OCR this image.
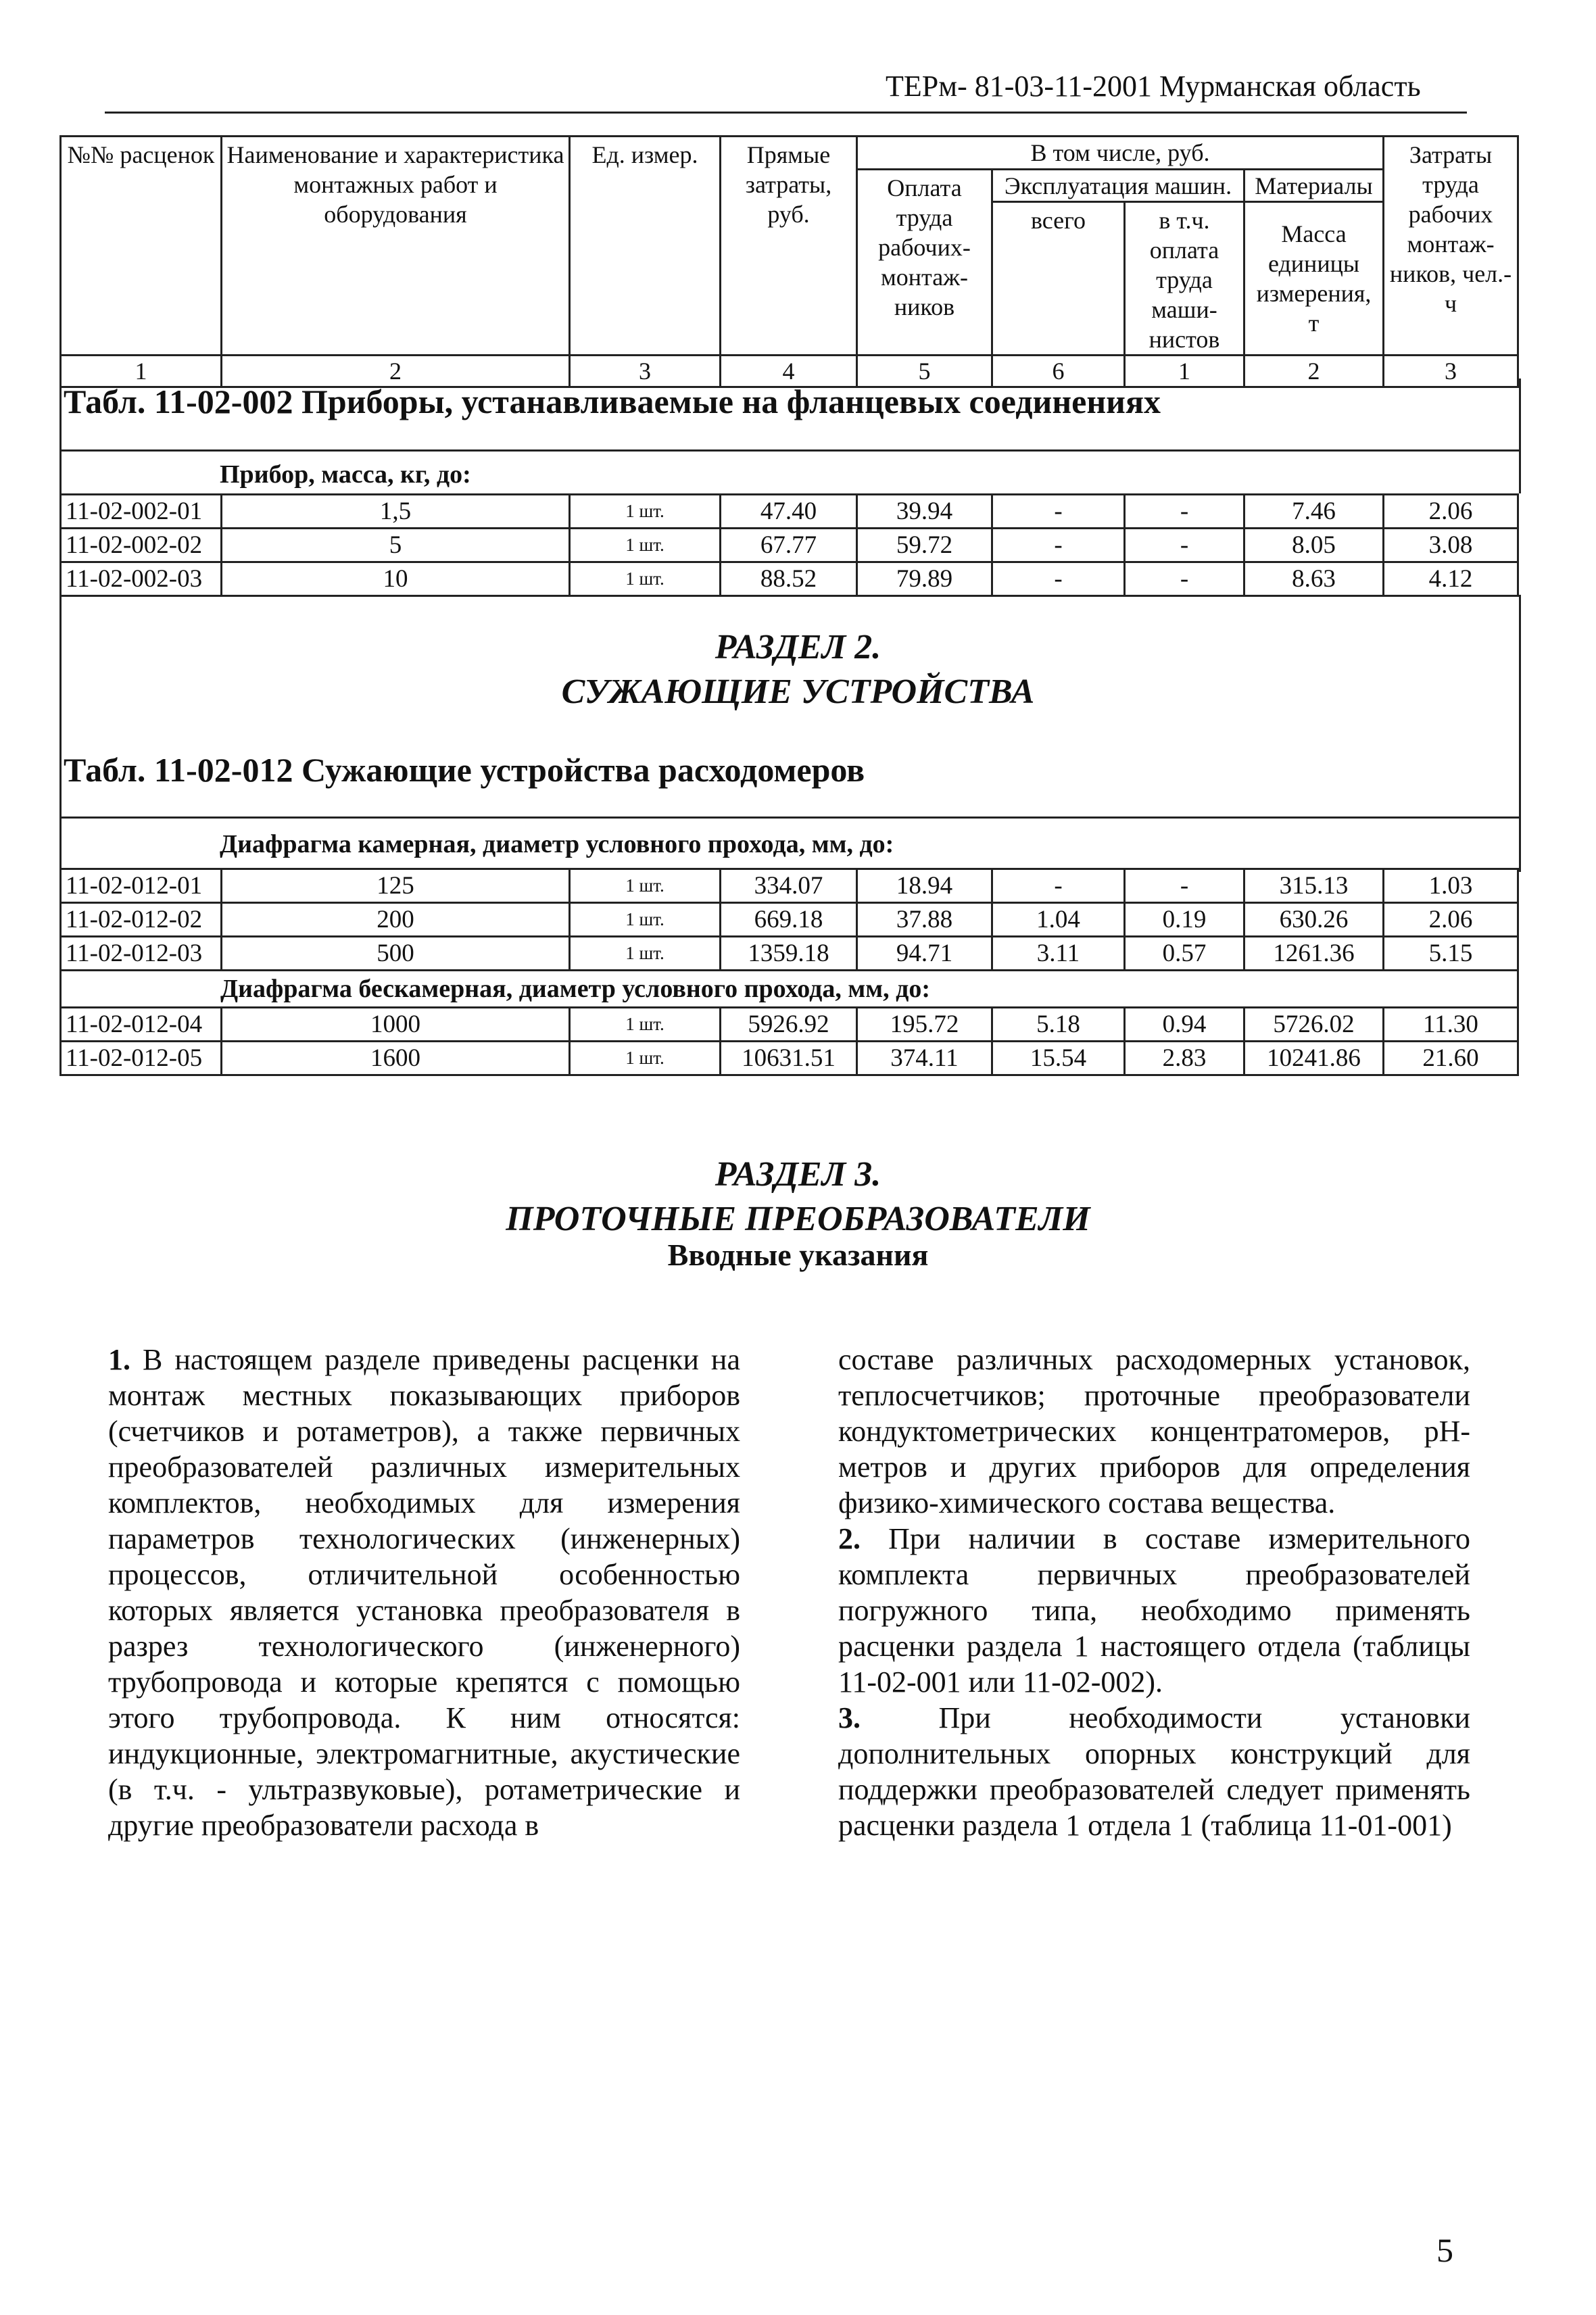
ТЕРм- 81-03-11-2001 Мурманская область
№№ расценок	Наименование и характеристика монтажных работ и оборудования	Ед. измер.	Прямые затраты, руб.	В том числе, руб.				Затраты труда рабочих монтаж-ников, чел.-ч
				Оплата труда рабочих-монтаж-ников	Эксплуатация машин.		Материалы	
					всего	в т.ч. оплата труда маши-нистов	Масса единицы измерения, т	
1	2	3	4	5	6	1	2	3
Табл. 11-02-002 Приборы, устанавливаемые на фланцевых соединениях
Прибор, масса, кг, до:
11-02-002-01	1,5	1 шт.	47.40	39.94	-	-	7.46	2.06
11-02-002-02	5	1 шт.	67.77	59.72	-	-	8.05	3.08
11-02-002-03	10	1 шт.	88.52	79.89	-	-	8.63	4.12
РАЗДЕЛ 2.
СУЖАЮЩИЕ УСТРОЙСТВА
Табл. 11-02-012 Сужающие устройства расходомеров
Диафрагма камерная, диаметр условного прохода, мм, до:
11-02-012-01	125	1 шт.	334.07	18.94	-	-	315.13	1.03
11-02-012-02	200	1 шт.	669.18	37.88	1.04	0.19	630.26	2.06
11-02-012-03	500	1 шт.	1359.18	94.71	3.11	0.57	1261.36	5.15
Диафрагма бескамерная, диаметр условного прохода, мм, до:								
11-02-012-04	1000	1 шт.	5926.92	195.72	5.18	0.94	5726.02	11.30
11-02-012-05	1600	1 шт.	10631.51	374.11	15.54	2.83	10241.86	21.60
РАЗДЕЛ 3.
ПРОТОЧНЫЕ ПРЕОБРАЗОВАТЕЛИ
Вводные указания

1. В настоящем разделе приведены расценки на монтаж местных показывающих приборов (счетчиков и ротаметров), а также первичных преобразователей различных измерительных комплектов, необходимых для измерения параметров технологических (инженерных) процессов, отличительной особенностью которых является установка преобразователя в разрез технологического (инженерного) трубопровода и которые крепятся с помощью этого трубопровода. К ним относятся: индукционные, электромагнитные, акустические (в т.ч. - ультразвуковые), ротаметрические и другие преобразователи расхода в

составе различных расходомерных установок, теплосчетчиков; проточные преобразователи кондуктометрических концентратомеров, pH-метров и других приборов для определения физико-химического состава вещества.

2. При наличии в составе измерительного комплекта первичных преобразователей погружного типа, необходимо применять расценки раздела 1 настоящего отдела (таблицы 11-02-001 или 11-02-002).

3.	При необходимости установки дополнительных опорных конструкций для поддержки преобразователей следует применять расценки раздела 1 отдела 1 (таблица 11-01-001)

5
